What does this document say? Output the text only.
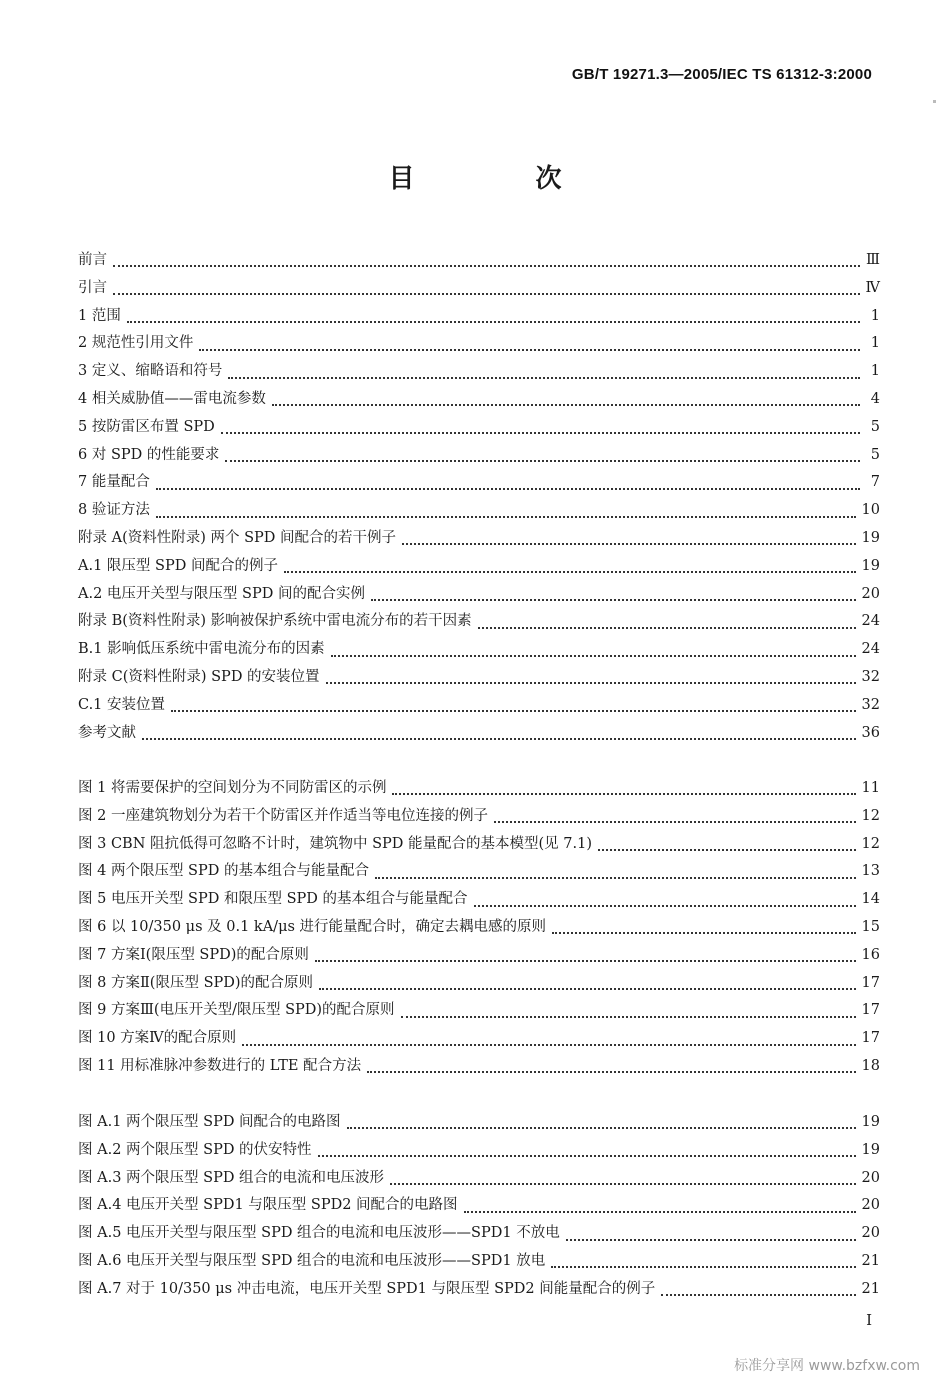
GB/T 19271.3—2005/IEC TS 61312-3:2000
目 次
前言	Ⅲ
引言	Ⅳ
1 范围	1
2 规范性引用文件	1
3 定义、缩略语和符号	1
4 相关威胁值——雷电流参数	4
5 按防雷区布置 SPD	5
6 对 SPD 的性能要求	5
7 能量配合	7
8 验证方法	10
附录 A(资料性附录) 两个 SPD 间配合的若干例子	19
A.1 限压型 SPD 间配合的例子	19
A.2 电压开关型与限压型 SPD 间的配合实例	20
附录 B(资料性附录) 影响被保护系统中雷电流分布的若干因素	24
B.1 影响低压系统中雷电流分布的因素	24
附录 C(资料性附录) SPD 的安装位置	32
C.1 安装位置	32
参考文献	36
图 1 将需要保护的空间划分为不同防雷区的示例	11
图 2 一座建筑物划分为若干个防雷区并作适当等电位连接的例子	12
图 3 CBN 阻抗低得可忽略不计时，建筑物中 SPD 能量配合的基本模型(见 7.1)	12
图 4 两个限压型 SPD 的基本组合与能量配合	13
图 5 电压开关型 SPD 和限压型 SPD 的基本组合与能量配合	14
图 6 以 10/350 μs 及 0.1 kA/μs 进行能量配合时，确定去耦电感的原则	15
图 7 方案Ⅰ(限压型 SPD)的配合原则	16
图 8 方案Ⅱ(限压型 SPD)的配合原则	17
图 9 方案Ⅲ(电压开关型/限压型 SPD)的配合原则	17
图 10 方案Ⅳ的配合原则	17
图 11 用标准脉冲参数进行的 LTE 配合方法	18
图 A.1 两个限压型 SPD 间配合的电路图	19
图 A.2 两个限压型 SPD 的伏安特性	19
图 A.3 两个限压型 SPD 组合的电流和电压波形	20
图 A.4 电压开关型 SPD1 与限压型 SPD2 间配合的电路图	20
图 A.5 电压开关型与限压型 SPD 组合的电流和电压波形——SPD1 不放电	20
图 A.6 电压开关型与限压型 SPD 组合的电流和电压波形——SPD1 放电	21
图 A.7 对于 10/350 μs 冲击电流，电压开关型 SPD1 与限压型 SPD2 间能量配合的例子	21
I
标准分享网 www.bzfxw.com
